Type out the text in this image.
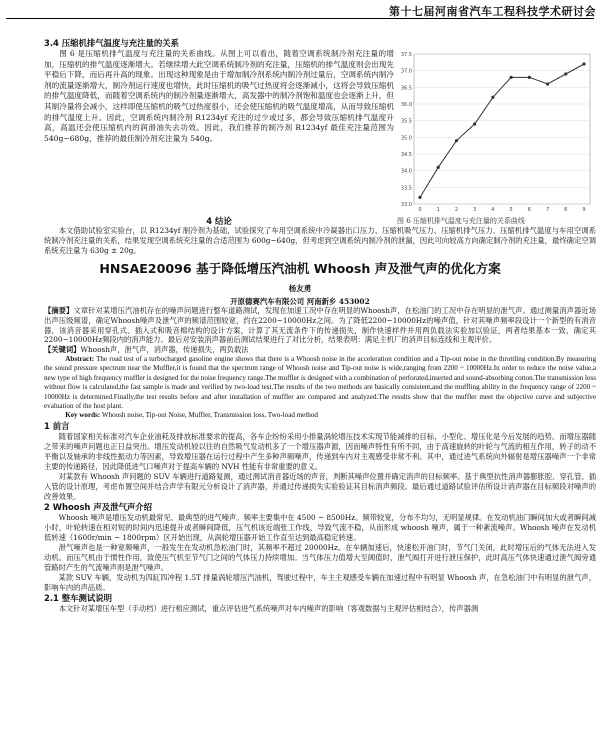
第十七届河南省汽车工程科技学术研讨会

3.4 压缩机排气温度与充注量的关系

图 6 是压缩机排气温度与充注量的关系曲线。从图上可以看出，随着空调系统制冷剂充注量的增加，压缩机的排气温度逐渐增大。若继续增大此空调系统制冷剂的充注量，压缩机的排气温度则会出现先平稳后下降，而后再升高的现象。出现这种现象是由于增加制冷剂系统内制冷剂过量后，空调系统内制冷剂的流量逐渐增大，制冷剂运行速度也增快，此时压缩机的吸气过热度将会逐渐减小，这将会导致压缩机的排气温度降低，而随着空调系统内的制冷剂量逐渐增大，高发器中的制冷剂饱和温度也会逐渐上升，但其制冷量将会减小，这样即使压缩机的吸气过热度很小，还会使压缩机的吸气温度增高，从而导致压缩机的排气温度上升。因此，空调系统内制冷剂 R1234yf 充注的过少或过多，都会导致压缩机排气温度升高，高温还会使压缩机内的润滑油失去功效。因此，我们推荐的制冷剂 R1234yf 最佳充注量范围为 540g~680g，推荐的最佳制冷剂充注量为 540g。

33.0
33.5
34.0
34.5
35.0
35.5
36.0
36.5
37.0
37.5
0	1	2	3	4	5	6	7	8	9
图 6 压缩机排气温度与充注量的关系曲线

4 结论

本文借助试验室实验台，以 R1234yf 制冷剂为基础，试验探究了车用空调系统中冷凝器出口压力、压缩机吸气压力、压缩机排气压力、压缩机排气温度与车用空调系统制冷剂充注量的关系，结果发现空调系统充注量的合适范围为 600g~640g，但考虑到空调系统内制冷剂的泄漏，因此可向较高方向确定制冷剂的充注量，最终确定空调系统充注量为 630g ± 20g。

HNSAE20096 基于降低增压汽油机 Whoosh 声及泄气声的优化方案
杨友勇
开原德赛汽车有限公司 河南新乡 453002

【摘要】文章针对某增压汽油机存在的噪声问题进行整车道路测试，发现在加速工况中存在明显的Whoosh声，在松油门的工况中存在明显的泄气声。通过测量消声器近场出声压级频谱，确定Whoosh噪声及泄气声的频谱范围较宽，约在2200~10000Hz之间。为了降低2200~10000Hz的噪声值，针对其噪声频率段设计一个新型的有消音器，该消音器采用穿孔式、插入式和吸音棉结构的设计方案，计算了其无流条件下的传递损失，制作快速样件并用两负载法实验加以验证，两者结果基本一致，确定其2200~10000Hz频段内的消声能力。最后对安装消声器前后测试结果进行了对比分析，结果表明：满足主机厂的消声目标连线和主观评价。

【关键词】Whoosh声，泄气声，消声器，传递损失，两负载法

Abstract: The road test of a turbocharged gasoline engine shows that there is a Whoosh noise in the acceleration condition and a Tip-out noise in the throttling condition.By measuring the sound pressure spectrum near the Muffler,it is found that the spectrum range of Whoosh noise and Tip-out noise is wide,ranging from 2200 ~ 10000Hz.In order to reduce the noise value,a new type of high frequency muffler is designed for the noise frequency range.The muffler is designed with a combination of perforated,inserted and sound-absorbing cotton.The transmission loss without flow is calculated,the fast sample is made and verified by two-load test.The results of the two methods are basically consistent,and the muffling ability in the frequency range of 2200 ~ 10000Hz is determined.Finally,the test results before and after installation of muffler are compared and analyzed.The results show that the muffler meet the objective curve and subjective evaluation of the host plant.

Key words: Whoosh noise, Tip-out Noise, Muffler, Transmission loss, Two-load method

1 前言

随着国家相关标准对汽车企业油耗及排放标准要求的提高，各车企纷纷采用小排量涡轮增压技术实现节能减排的目标，小型化、增压化是今后发展的趋势。而增压器随之带来的噪声问题也正日益突出。增压发动机较以往的自然吸气发动机多了一个增压器声源，因而噪声特性有所不同，由于高速旋转的叶轮与气流的相互作用，转子的动不平衡以及轴承的非线性振动力等因素，导致增压器在运行过程中产生多种声频噪声，传递到车内对主观感受非常不利。其中，通过进气系统向外辐射是增压器噪声一个非常主要的传递路径，因此降低进气口噪声对于提高车辆的 NVH 性能有非常重要的意义。

对某款有 Whoosh 声问题的 SUV 车辆进行道路复测，通过测试消音器近场的声音，判断其噪声位置并确定消声的目标频率。基于典型抗性消声器膨胀腔、穿孔管、插入管的设计原理，考虑布置空间并结合声学有限元分析设计了消声器，并通过传递损失实验验证其目标消声频段。最后通过道路试验评估所设计消声器在目标频段对噪声的改善效果。

2 Whoosh 声及泄气声介绍

Whoosh 噪声是增压发动机最常见、最典型的进气噪声。频率主要集中在 4500 ~ 8500Hz。频带较宽，分布不均匀，无明显规律。在发动机油门瞬间加大或者瞬间减小时，叶轮转速在相对短的时间内迅速提升或者瞬间降低，压气机该近端张工作线，导致气流不稳，从而形成 whoosh 噪声，属于一种紊流噪声。Whoosh 噪声在发动机低转速（1600r/min ~ 1800rpm）区开始出现，从涡轮增压器开始工作直至达到最高稳定转速。

泄气噪声也是一种宽频噪声，一般发生在发动机急松油门时，其频率不超过 20000Hz。在车辆加速后，快速松开油门时，节气门关闭，此时增压后的气体无法进入发动机。而压气机由于惯性作用，致使压气机至节气门之间的气体压力持续增加。当气体压力值增大至阈值时，泄气阀打开进行泄压保护，此时高压气体快速通过泄气阀旁通管路时产生的气流噪声则是泄气噪声。

某款 SUV 车辆，发动机为四缸四冲程 1.5T 排量涡轮增压汽油机，驾驶过程中，车主主观感受车辆在加速过程中有明显 Whoosh 声，在急松油门中有明显的泄气声，影响车内的声品质。

2.1 整车测试说明

本文针对某增压车型（手动档）进行相应测试，重点评估进气系统噪声对车内噪声的影响（客观数据与主观评估相结合），传声器测
